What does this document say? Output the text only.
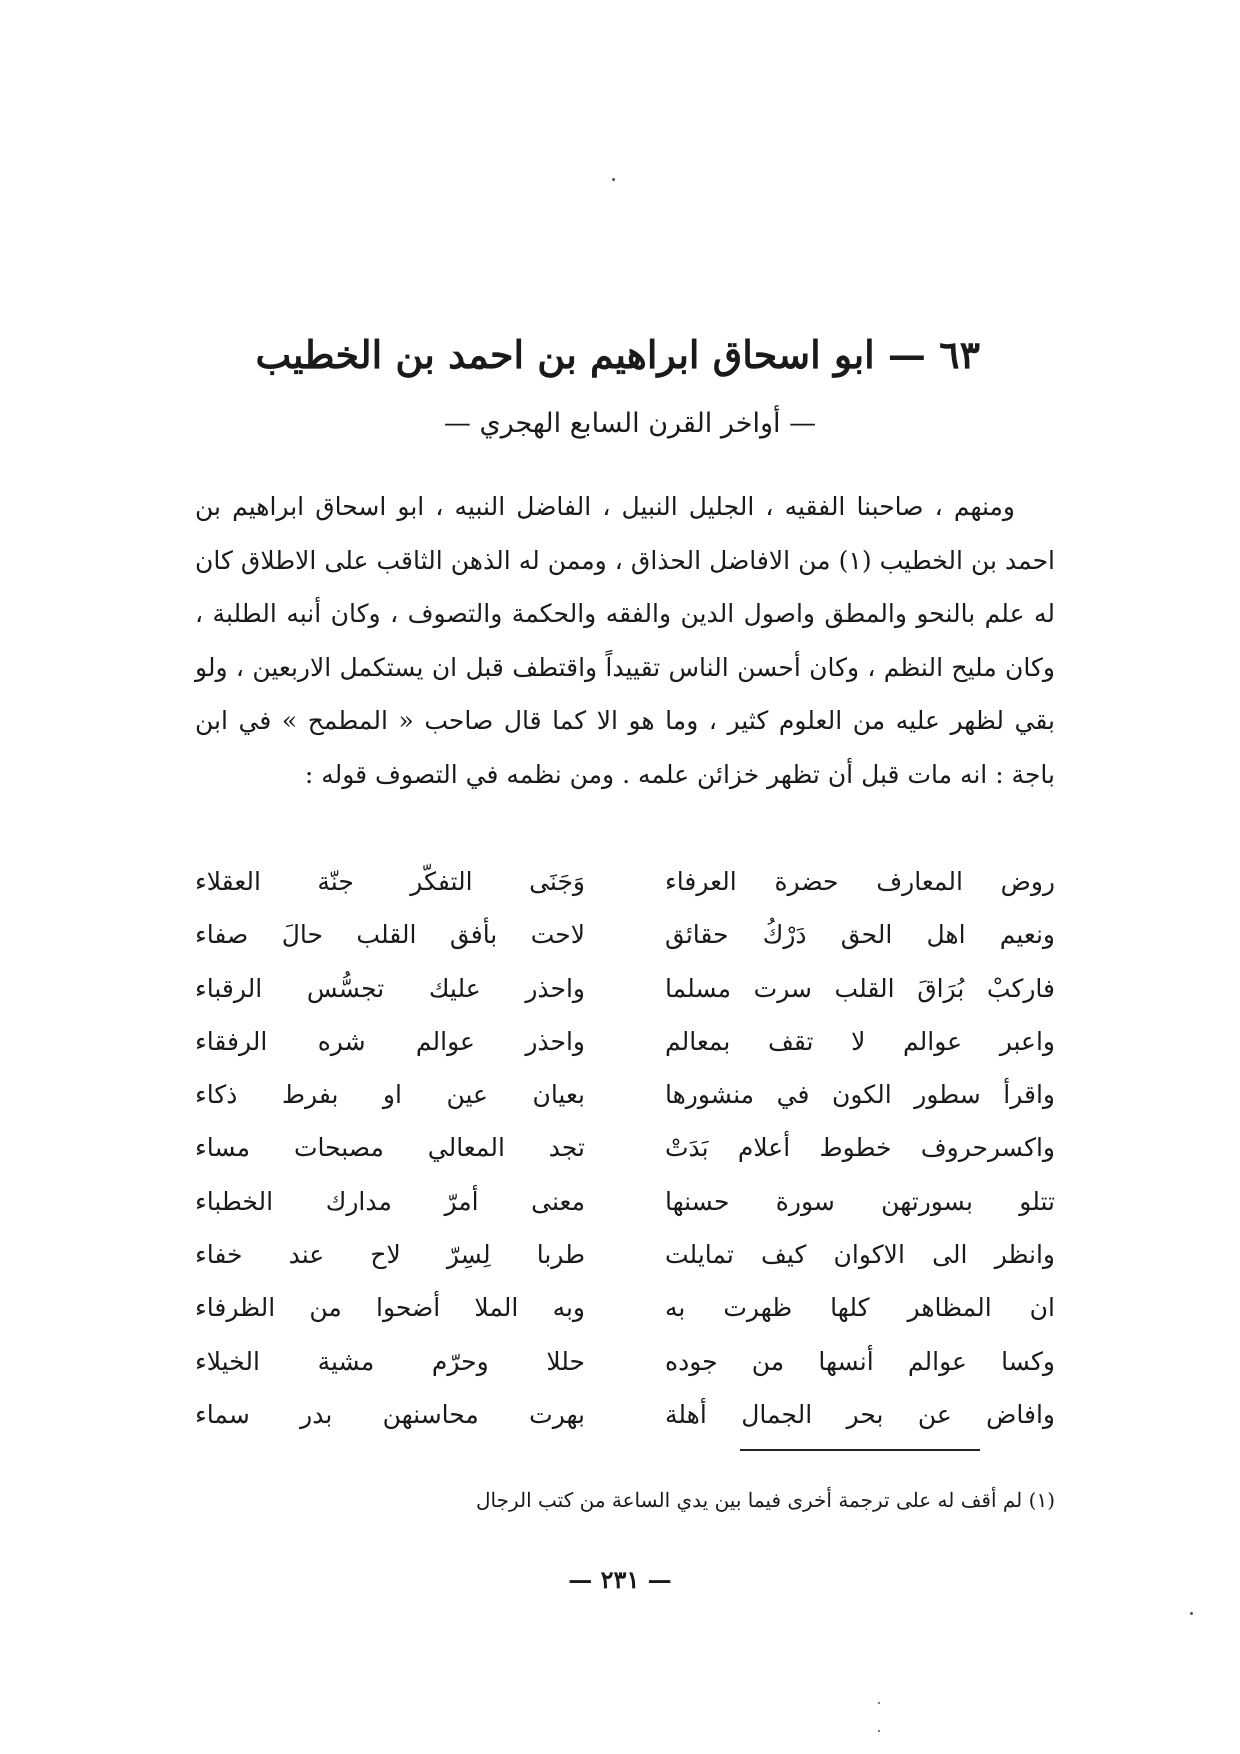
٦٣ — ابو اسحاق ابراهيم بن احمد بن الخطيب
— أواخر القرن السابع الهجري —

ومنهم ، صاحبنا الفقيه ، الجليل النبيل ، الفاضل النبيه ، ابو اسحاق ابراهيم بن احمد بن الخطيب (١) من الافاضل الحذاق ، وممن له الذهن الثاقب على الاطلاق كان له علم بالنحو والمطق واصول الدين والفقه والحكمة والتصوف ، وكان أنبه الطلبة ، وكان مليح النظم ، وكان أحسن الناس تقييداً واقتطف قبل ان يستكمل الاربعين ، ولو بقي لظهر عليه من العلوم كثير ، وما هو الا كما قال صاحب « المطمح » في ابن باجة : انه مات قبل أن تظهر خزائن علمه . ومن نظمه في التصوف قوله :

روض المعارف حضرة العرفاء
وَجَنَى التفكّر جنّة العقلاء
ونعيم اهل الحق دَرْكُ حقائق
لاحت بأفق القلب حالَ صفاء
فاركبْ بُرَاقَ القلب سرت مسلما
واحذر عليك تجسُّس الرقباء
واعبر عوالم لا تقف بمعالم
واحذر عوالم شره الرفقاء
واقرأ سطور الكون في منشورها
بعيان عين او بفرط ذكاء
واكسرحروف خطوط أعلام بَدَتْ
تجد المعالي مصبحات مساء
تتلو بسورتهن سورة حسنها
معنى أمرّ مدارك الخطباء
وانظر الى الاكوان كيف تمايلت
طربا لِسِرّ لاح عند خفاء
ان المظاهر كلها ظهرت به
وبه الملا أضحوا من الظرفاء
وكسا عوالم أنسها من جوده
حللا وحرّم مشية الخيلاء
وافاض عن بحر الجمال أهلة
بهرت محاسنهن بدر سماء
(١) لم أقف له على ترجمة أخرى فيما بين يدي الساعة من كتب الرجال
— ٢٣١ —
